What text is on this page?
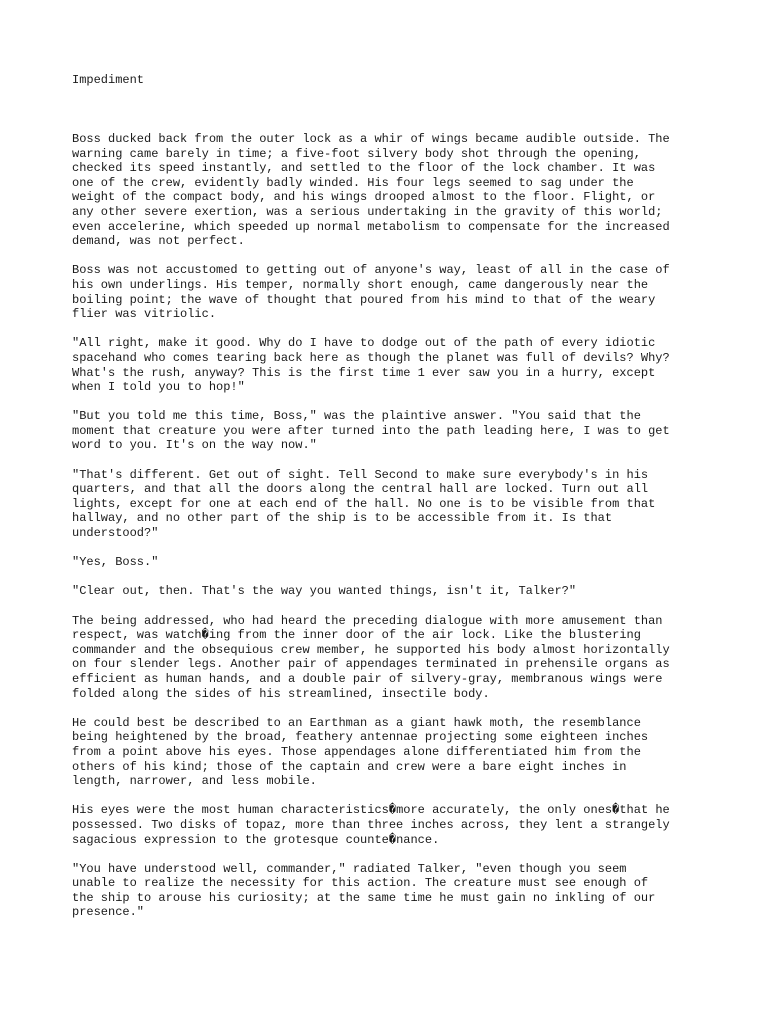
Impediment

Boss ducked back from the outer lock as a whir of wings became audible outside. The
warning came barely in time; a five-foot silvery body shot through the opening,
checked its speed instantly, and settled to the floor of the lock chamber. It was
one of the crew, evidently badly winded. His four legs seemed to sag under the
weight of the compact body, and his wings drooped almost to the floor. Flight, or
any other severe exertion, was a serious undertaking in the gravity of this world;
even accelerine, which speeded up normal metabolism to compensate for the increased
demand, was not perfect.

Boss was not accustomed to getting out of anyone's way, least of all in the case of
his own underlings. His temper, normally short enough, came dangerously near the
boiling point; the wave of thought that poured from his mind to that of the weary
flier was vitriolic.

"All right, make it good. Why do I have to dodge out of the path of every idiotic
spacehand who comes tearing back here as though the planet was full of devils? Why?
What's the rush, anyway? This is the first time 1 ever saw you in a hurry, except
when I told you to hop!"

"But you told me this time, Boss," was the plaintive answer. "You said that the
moment that creature you were after turned into the path leading here, I was to get
word to you. It's on the way now."

"That's different. Get out of sight. Tell Second to make sure everybody's in his
quarters, and that all the doors along the central hall are locked. Turn out all
lights, except for one at each end of the hall. No one is to be visible from that
hallway, and no other part of the ship is to be accessible from it. Is that
understood?"

"Yes, Boss."

"Clear out, then. That's the way you wanted things, isn't it, Talker?"

The being addressed, who had heard the preceding dialogue with more amusement than
respect, was watch�ing from the inner door of the air lock. Like the blustering
commander and the obsequious crew member, he supported his body almost horizontally
on four slender legs. Another pair of appendages terminated in prehensile organs as
efficient as human hands, and a double pair of silvery-gray, membranous wings were
folded along the sides of his streamlined, insectile body.

He could best be described to an Earthman as a giant hawk moth, the resemblance
being heightened by the broad, feathery antennae projecting some eighteen inches
from a point above his eyes. Those appendages alone differentiated him from the
others of his kind; those of the captain and crew were a bare eight inches in
length, narrower, and less mobile.

His eyes were the most human characteristics�more accurately, the only ones�that he
possessed. Two disks of topaz, more than three inches across, they lent a strangely
sagacious expression to the grotesque counte�nance.

"You have understood well, commander," radiated Talker, "even though you seem
unable to realize the necessity for this action. The creature must see enough of
the ship to arouse his curiosity; at the same time he must gain no inkling of our
presence."
